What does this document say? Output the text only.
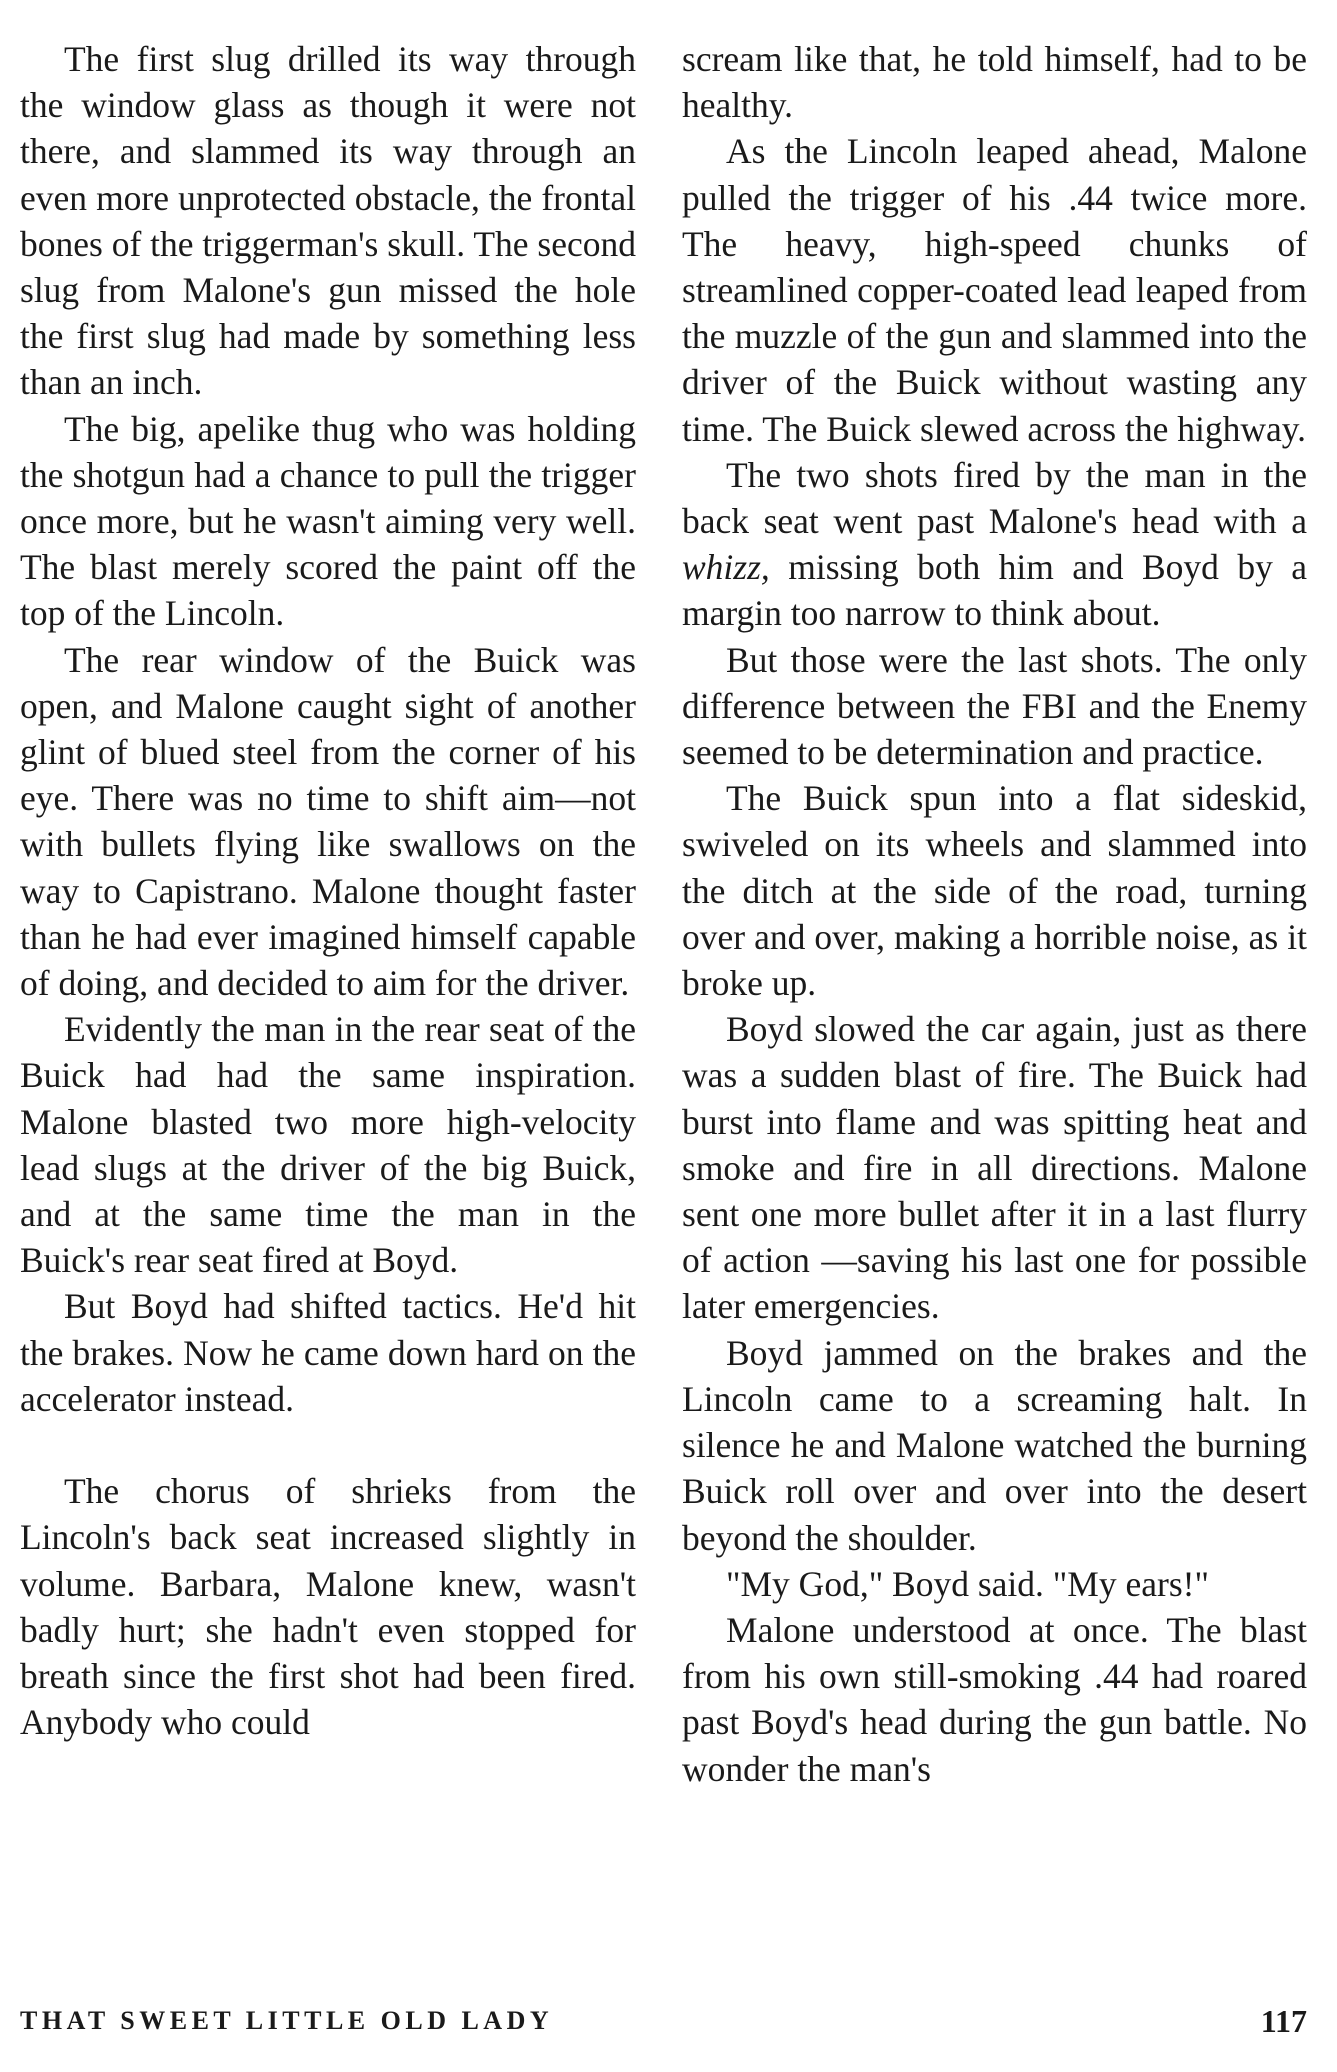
The first slug drilled its way through the window glass as though it were not there, and slammed its way through an even more unprotected obstacle, the frontal bones of the triggerman's skull. The second slug from Malone's gun missed the hole the first slug had made by something less than an inch.

The big, apelike thug who was holding the shotgun had a chance to pull the trigger once more, but he wasn't aiming very well. The blast merely scored the paint off the top of the Lincoln.

The rear window of the Buick was open, and Malone caught sight of another glint of blued steel from the corner of his eye. There was no time to shift aim—not with bullets flying like swallows on the way to Capistrano. Malone thought faster than he had ever imagined himself capable of doing, and decided to aim for the driver.

Evidently the man in the rear seat of the Buick had had the same inspiration. Malone blasted two more high-velocity lead slugs at the driver of the big Buick, and at the same time the man in the Buick's rear seat fired at Boyd.

But Boyd had shifted tactics. He'd hit the brakes. Now he came down hard on the accelerator instead.

The chorus of shrieks from the Lincoln's back seat increased slightly in volume. Barbara, Malone knew, wasn't badly hurt; she hadn't even stopped for breath since the first shot had been fired. Anybody who could

scream like that, he told himself, had to be healthy.

As the Lincoln leaped ahead, Malone pulled the trigger of his .44 twice more. The heavy, high-speed chunks of streamlined copper-coated lead leaped from the muzzle of the gun and slammed into the driver of the Buick without wasting any time. The Buick slewed across the highway.

The two shots fired by the man in the back seat went past Malone's head with a whizz, missing both him and Boyd by a margin too narrow to think about.

But those were the last shots. The only difference between the FBI and the Enemy seemed to be determination and practice.

The Buick spun into a flat sideskid, swiveled on its wheels and slammed into the ditch at the side of the road, turning over and over, making a horrible noise, as it broke up.

Boyd slowed the car again, just as there was a sudden blast of fire. The Buick had burst into flame and was spitting heat and smoke and fire in all directions. Malone sent one more bullet after it in a last flurry of action —saving his last one for possible later emergencies.

Boyd jammed on the brakes and the Lincoln came to a screaming halt. In silence he and Malone watched the burning Buick roll over and over into the desert beyond the shoulder.

"My God," Boyd said. "My ears!"

Malone understood at once. The blast from his own still-smoking .44 had roared past Boyd's head during the gun battle. No wonder the man's

THAT SWEET LITTLE OLD LADY	117
